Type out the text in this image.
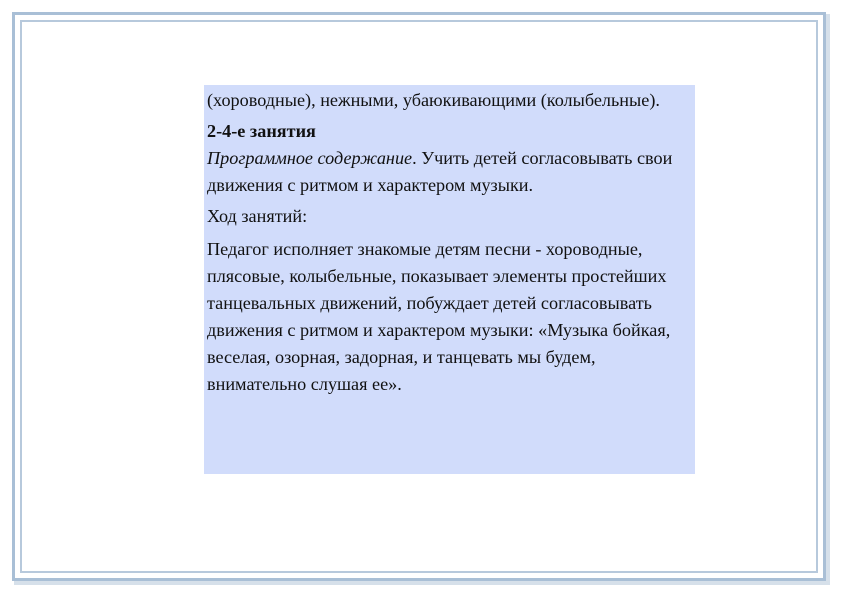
(хороводные), нежными, убаюкивающими (колыбельные).

2-4-е занятия

Программное содержание. Учить детей согласовывать свои движения с ритмом и характером музыки.

Ход занятий:

Педагог исполняет знакомые детям песни - хороводные, плясовые, колыбельные, показывает элементы простейших танцевальных движений, побуждает детей согласовывать движения с ритмом и характером музыки: «Музыка бойкая, веселая, озорная, задорная, и танцевать мы будем, внимательно слушая ее».
